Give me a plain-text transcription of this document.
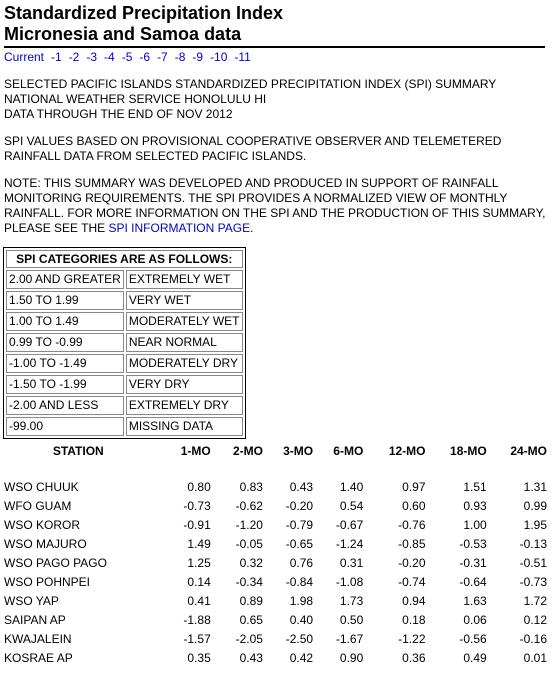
Standardized Precipitation Index
Micronesia and Samoa data
Current -1 -2 -3 -4 -5 -6 -7 -8 -9 -10 -11
SELECTED PACIFIC ISLANDS STANDARDIZED PRECIPITATION INDEX (SPI) SUMMARY
NATIONAL WEATHER SERVICE HONOLULU HI
DATA THROUGH THE END OF NOV 2012
SPI VALUES BASED ON PROVISIONAL COOPERATIVE OBSERVER AND TELEMETERED
RAINFALL DATA FROM SELECTED PACIFIC ISLANDS.
NOTE: THIS SUMMARY WAS DEVELOPED AND PRODUCED IN SUPPORT OF RAINFALL
MONITORING REQUIREMENTS. THE SPI PROVIDES A NORMALIZED VIEW OF MONTHLY
RAINFALL. FOR MORE INFORMATION ON THE SPI AND THE PRODUCTION OF THIS SUMMARY,
PLEASE SEE THE SPI INFORMATION PAGE.
SPI CATEGORIES ARE AS FOLLOWS:	
2.00 AND GREATER	EXTREMELY WET
1.50 TO 1.99	VERY WET
1.00 TO 1.49	MODERATELY WET
0.99 TO -0.99	NEAR NORMAL
-1.00 TO -1.49	MODERATELY DRY
-1.50 TO -1.99	VERY DRY
-2.00 AND LESS	EXTREMELY DRY
-99.00	MISSING DATA
STATION	1-MO	2-MO	3-MO	6-MO	12-MO	18-MO	24-MO

WSO CHUUK	0.80	0.83	0.43	1.40	0.97	1.51	1.31
WFO GUAM	-0.73	-0.62	-0.20	0.54	0.60	0.93	0.99
WSO KOROR	-0.91	-1.20	-0.79	-0.67	-0.76	1.00	1.95
WSO MAJURO	1.49	-0.05	-0.65	-1.24	-0.85	-0.53	-0.13
WSO PAGO PAGO	1.25	0.32	0.76	0.31	-0.20	-0.31	-0.51
WSO POHNPEI	0.14	-0.34	-0.84	-1.08	-0.74	-0.64	-0.73
WSO YAP	0.41	0.89	1.98	1.73	0.94	1.63	1.72
SAIPAN AP	-1.88	0.65	0.40	0.50	0.18	0.06	0.12
KWAJALEIN	-1.57	-2.05	-2.50	-1.67	-1.22	-0.56	-0.16
KOSRAE AP	0.35	0.43	0.42	0.90	0.36	0.49	0.01
